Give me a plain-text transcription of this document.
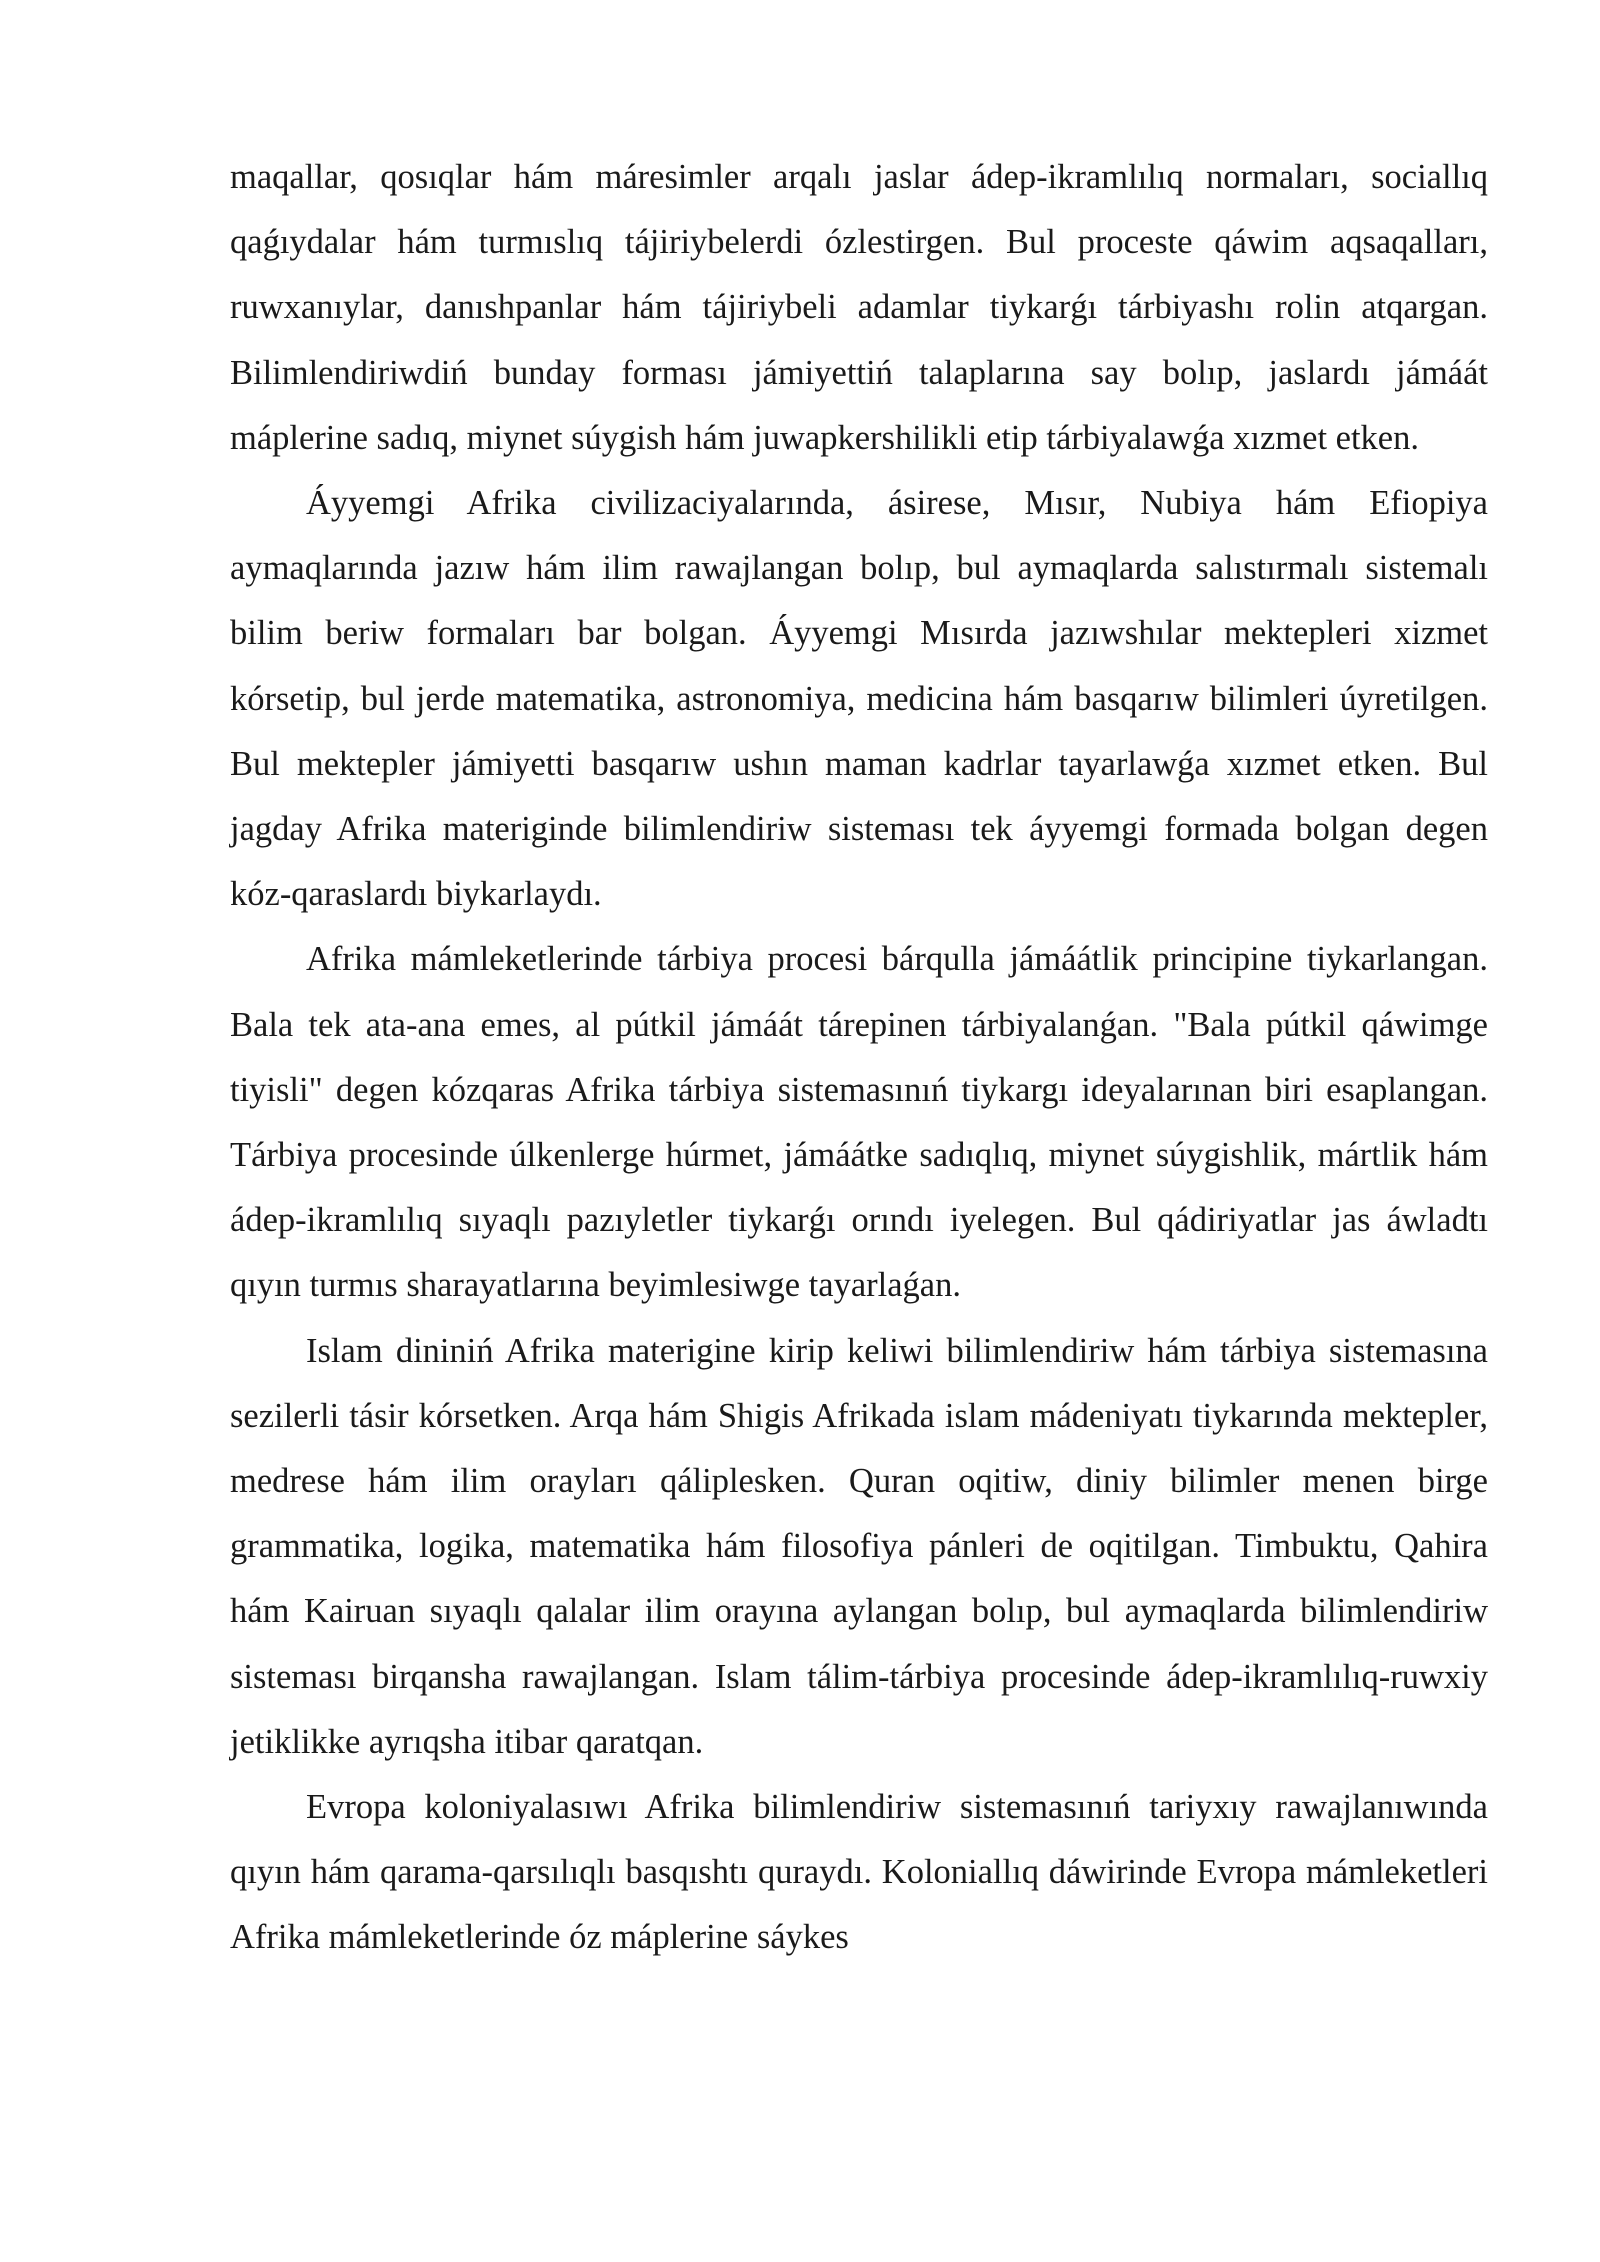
maqallar, qosıqlar hám máresimler arqalı jaslar ádep-ikramlılıq normaları, sociallıq qaǵıydalar hám turmıslıq tájiriybelerdi ózlestirgen. Bul proceste qáwim aqsaqalları, ruwxanıylar, danıshpanlar hám tájiriybeli adamlar tiykarǵı tárbiyashı rolin atqargan. Bilimlendiriwdiń bunday forması jámiyettiń talaplarına say bolıp, jaslardı jámáát máplerine sadıq, miynet súygish hám juwapkershilikli etip tárbiyalawǵa xızmet etken.

Áyyemgi Afrika civilizaciyalarında, ásirese, Mısır, Nubiya hám Efiopiya aymaqlarında jazıw hám ilim rawajlangan bolıp, bul aymaqlarda salıstırmalı sistemalı bilim beriw formaları bar bolgan. Áyyemgi Mısırda jazıwshılar mektepleri xizmet kórsetip, bul jerde matematika, astronomiya, medicina hám basqarıw bilimleri úyretilgen. Bul mektepler jámiyetti basqarıw ushın maman kadrlar tayarlawǵa xızmet etken. Bul jagday Afrika materiginde bilimlendiriw sisteması tek áyyemgi formada bolgan degen kóz-qaraslardı biykarlaydı.

Afrika mámleketlerinde tárbiya procesi bárqulla jámáátlik principine tiykarlangan. Bala tek ata-ana emes, al pútkil jámáát tárepinen tárbiyalanǵan. "Bala pútkil qáwimge tiyisli" degen kózqaras Afrika tárbiya sistemasınıń tiykargı ideyalarınan biri esaplangan. Tárbiya procesinde úlkenlerge húrmet, jámáátke sadıqlıq, miynet súygishlik, mártlik hám ádep-ikramlılıq sıyaqlı pazıyletler tiykarǵı orındı iyelegen. Bul qádiriyatlar jas áwladtı qıyın turmıs sharayatlarına beyimlesiwge tayarlaǵan.

Islam dininiń Afrika materigine kirip keliwi bilimlendiriw hám tárbiya sistemasına sezilerli tásir kórsetken. Arqa hám Shigis Afrikada islam mádeniyatı tiykarında mektepler, medrese hám ilim orayları qáliplesken. Quran oqitiw, diniy bilimler menen birge grammatika, logika, matematika hám filosofiya pánleri de oqitilgan. Timbuktu, Qahira hám Kairuan sıyaqlı qalalar ilim orayına aylangan bolıp, bul aymaqlarda bilimlendiriw sisteması birqansha rawajlangan. Islam tálim-tárbiya procesinde ádep-ikramlılıq-ruwxiy jetiklikke ayrıqsha itibar qaratqan.

Evropa koloniyalasıwı Afrika bilimlendiriw sistemasınıń tariyxıy rawajlanıwında qıyın hám qarama-qarsılıqlı basqıshtı quraydı. Koloniallıq dáwirinde Evropa mámleketleri Afrika mámleketlerinde óz máplerine sáykes
